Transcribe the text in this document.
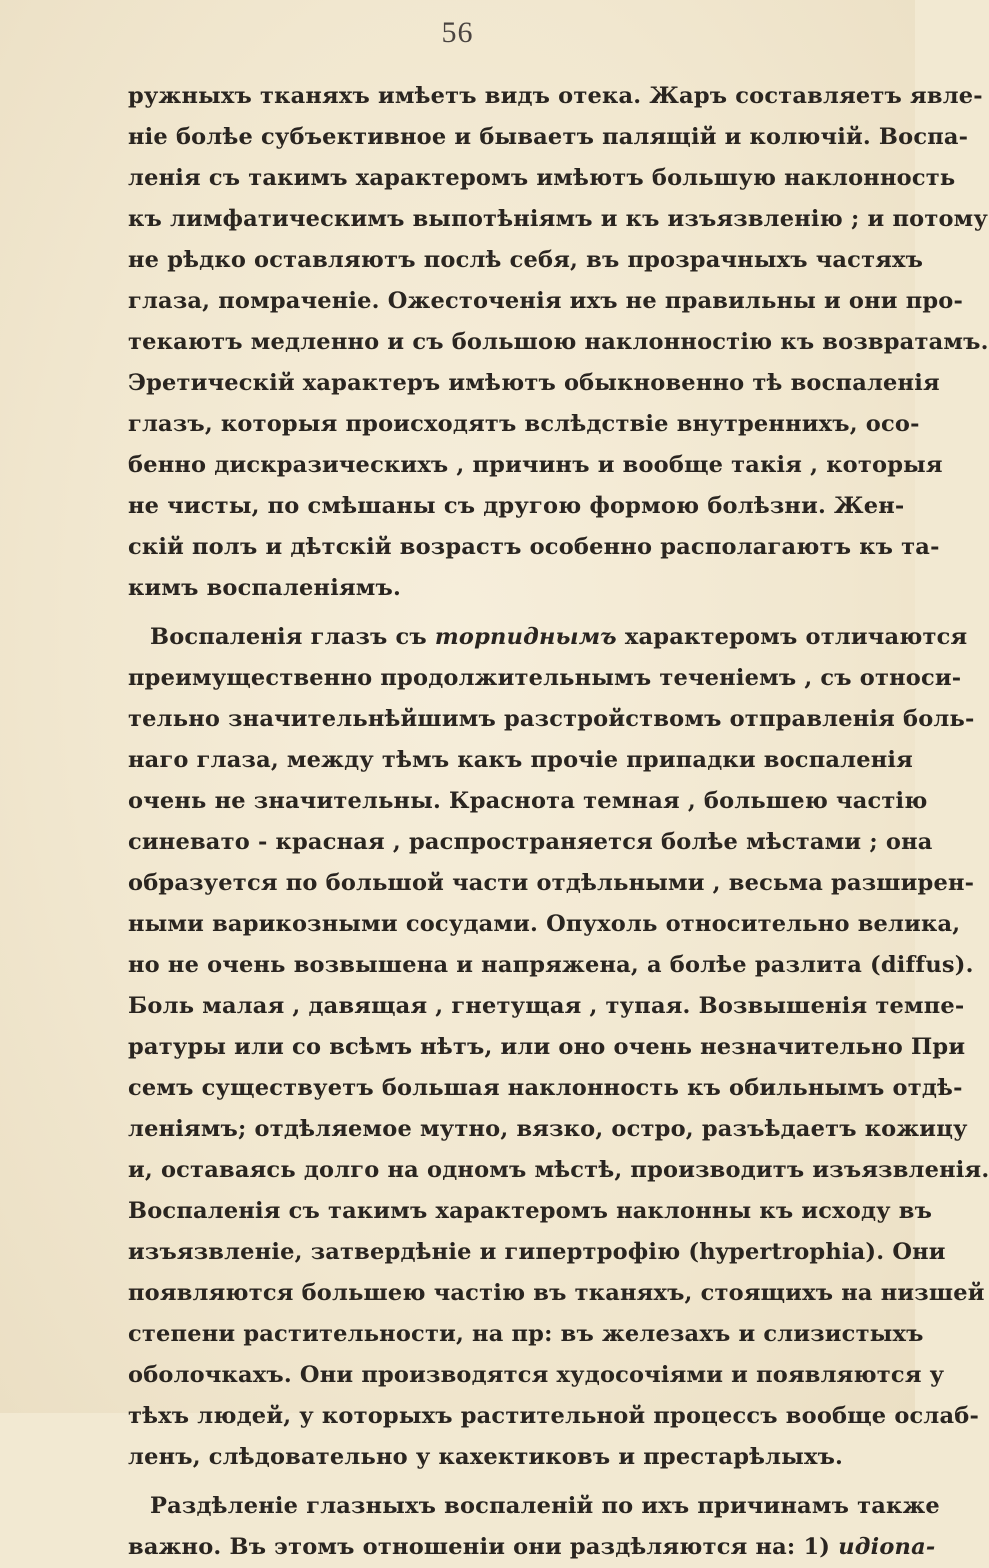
56
ружныхъ тканяхъ имѣетъ видъ отека. Жаръ составляетъ явле-
ніе болѣе субъективное и бываетъ палящій и колючій. Воспа-
ленія съ такимъ характеромъ имѣютъ большую наклонность
къ лимфатическимъ выпотѣніямъ и къ изъязвленію ; и потому
не рѣдко оставляютъ послѣ себя, въ прозрачныхъ частяхъ
глаза, помраченіе. Ожесточенія ихъ не правильны и они про-
текаютъ медленно и съ большою наклонностію къ возвратамъ.
Эретическій характеръ имѣютъ обыкновенно тѣ воспаленія
глазъ, которыя происходятъ вслѣдствіе внутреннихъ, осо-
бенно дискразическихъ , причинъ и вообще такія , которыя
не чисты, по смѣшаны съ другою формою болѣзни. Жен-
скій полъ и дѣтскій возрастъ особенно располагаютъ къ та-
кимъ воспаленіямъ.
Воспаленія глазъ съ торпиднымъ характеромъ отличаются
преимущественно продолжительнымъ теченіемъ , съ относи-
тельно значительнѣйшимъ разстройствомъ отправленія боль-
наго глаза, между тѣмъ какъ прочіе припадки воспаленія
очень не значительны. Краснота темная , большею частію
синевато - красная , распространяется болѣе мѣстами ; она
образуется по большой части отдѣльными , весьма разширен-
ными варикозными сосудами. Опухоль относительно велика,
но не очень возвышена и напряжена, а болѣе разлита (diffus).
Боль малая , давящая , гнетущая , тупая. Возвышенія темпе-
ратуры или со всѣмъ нѣтъ, или оно очень незначительно При
семъ существуетъ большая наклонность къ обильнымъ отдѣ-
леніямъ; отдѣляемое мутно, вязко, остро, разъѣдаетъ кожицу
и, оставаясь долго на одномъ мѣстѣ, производитъ изъязвленія.
Воспаленія съ такимъ характеромъ наклонны къ исходу въ
изъязвленіе, затвердѣніе и гипертрофію (hypertrophia). Они
появляются большею частію въ тканяхъ, стоящихъ на низшей
степени растительности, на пр: въ железахъ и слизистыхъ
оболочкахъ. Они производятся худосочіями и появляются у
тѣхъ людей, у которыхъ растительной процессъ вообще ослаб-
ленъ, слѣдовательно у кахектиковъ и престарѣлыхъ.
Раздѣленіе глазныхъ воспаленій по ихъ причинамъ также
важно. Въ этомъ отношеніи они раздѣляются на: 1) идіопа-
